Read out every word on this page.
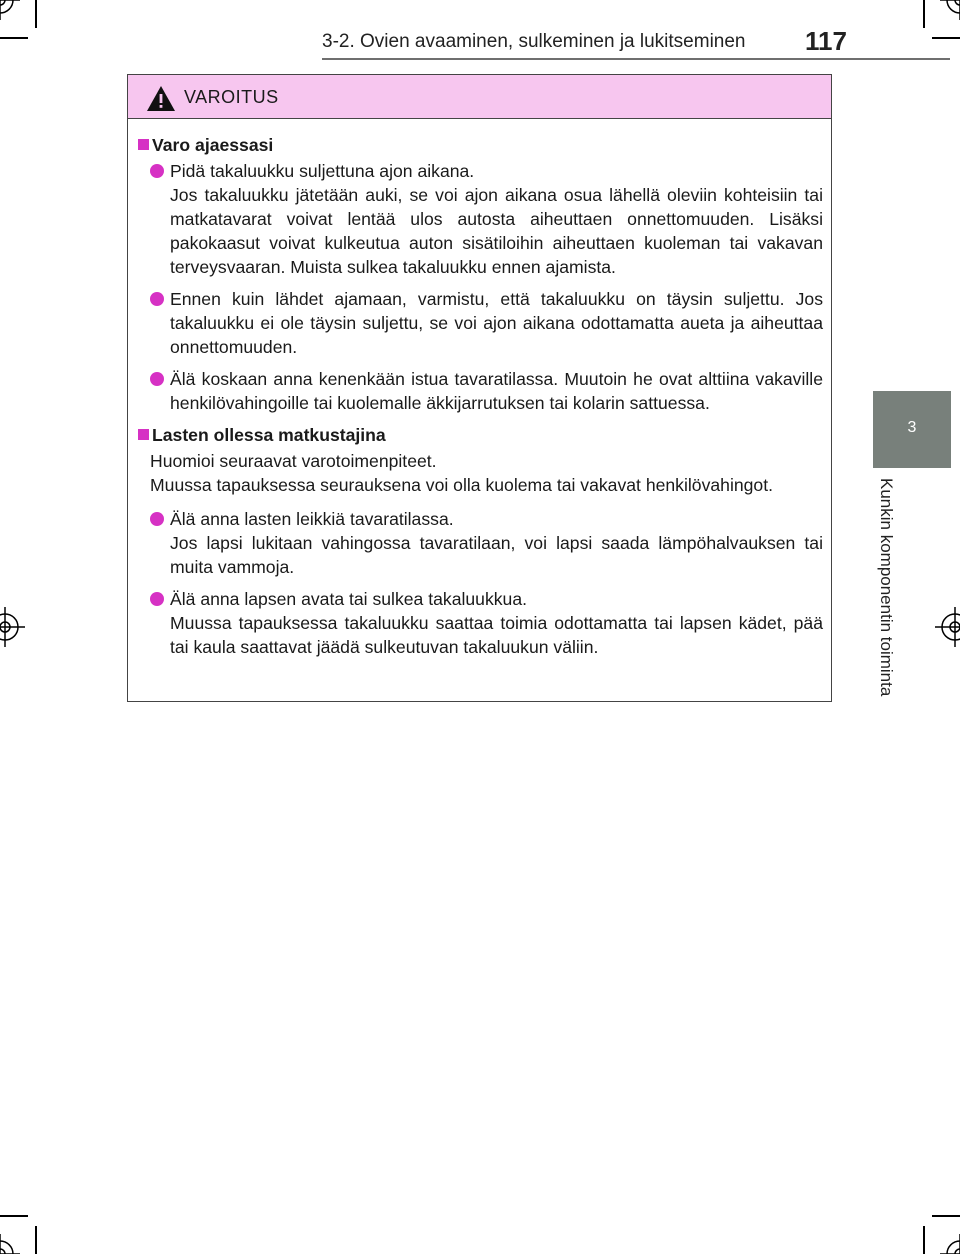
3-2. Ovien avaaminen, sulkeminen ja lukitseminen 117
3
Kunkin komponentin toiminta
VAROITUS
Varo ajaessasi

Pidä takaluukku suljettuna ajon aikana.

Jos takaluukku jätetään auki, se voi ajon aikana osua lähellä oleviin kohteisiin tai matkatavarat voivat lentää ulos autosta aiheuttaen onnettomuuden. Lisäksi pakokaasut voivat kulkeutua auton sisätiloihin aiheuttaen kuoleman tai vakavan terveysvaaran. Muista sulkea takaluukku ennen ajamista.

Ennen kuin lähdet ajamaan, varmistu, että takaluukku on täysin suljettu. Jos takaluukku ei ole täysin suljettu, se voi ajon aikana odottamatta aueta ja aiheuttaa onnettomuuden.

Älä koskaan anna kenenkään istua tavaratilassa. Muutoin he ovat alttiina vakaville henkilövahingoille tai kuolemalle äkkijarrutuksen tai kolarin sattuessa.

Lasten ollessa matkustajina

Huomioi seuraavat varotoimenpiteet.

Muussa tapauksessa seurauksena voi olla kuolema tai vakavat henkilövahingot.

Älä anna lasten leikkiä tavaratilassa.

Jos lapsi lukitaan vahingossa tavaratilaan, voi lapsi saada lämpöhalvauksen tai muita vammoja.

Älä anna lapsen avata tai sulkea takaluukkua.

Muussa tapauksessa takaluukku saattaa toimia odottamatta tai lapsen kädet, pää tai kaula saattavat jäädä sulkeutuvan takaluukun väliin.
